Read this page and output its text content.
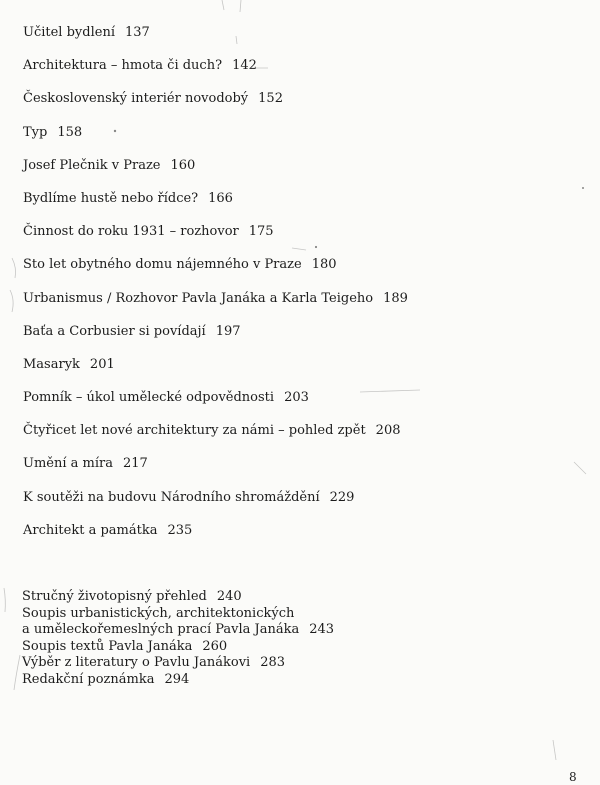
Učitel bydlení 137
Architektura – hmota či duch? 142
Československý interiér novodobý 152
Typ 158
Josef Plečnik v Praze 160
Bydlíme hustě nebo řídce? 166
Činnost do roku 1931 – rozhovor 175
Sto let obytného domu nájemného v Praze 180
Urbanismus / Rozhovor Pavla Janáka a Karla Teigeho 189
Baťa a Corbusier si povídají 197
Masaryk 201
Pomník – úkol umělecké odpovědnosti 203
Čtyřicet let nové architektury za námi – pohled zpět 208
Umění a míra 217
K soutěži na budovu Národního shromáždění 229
Architekt a památka 235
Stručný životopisný přehled 240
Soupis urbanistických, architektonických
a uměleckořemeslných prací Pavla Janáka 243
Soupis textů Pavla Janáka 260
Výběr z literatury o Pavlu Janákovi 283
Redakční poznámka 294
8
